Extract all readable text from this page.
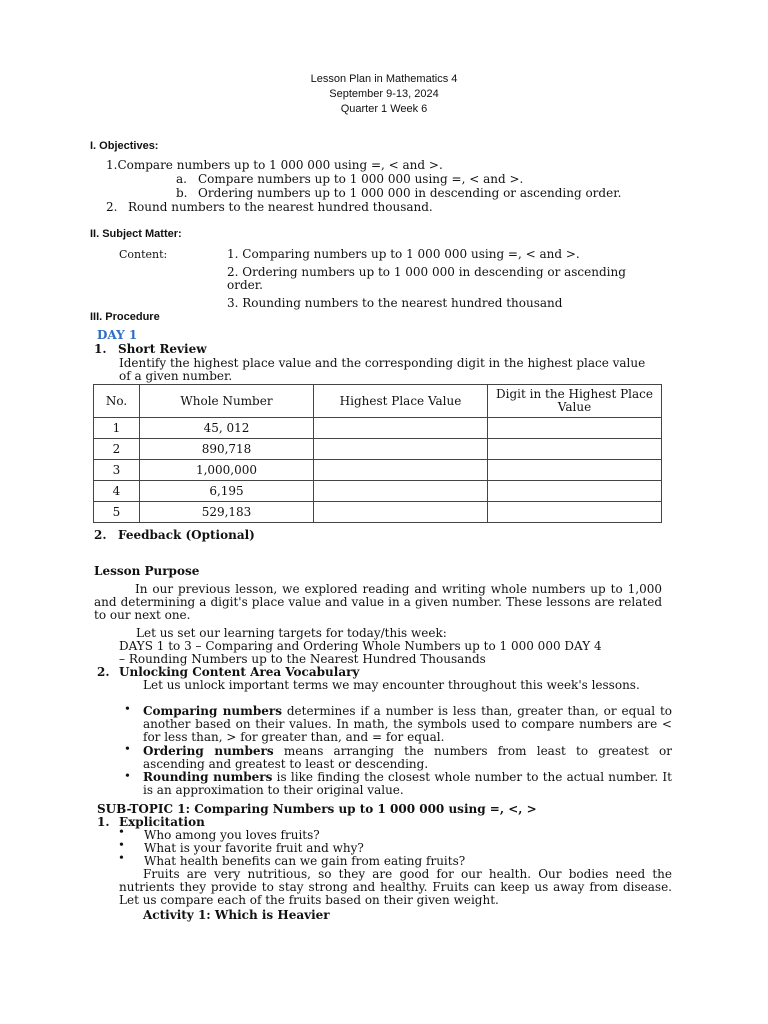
Lesson Plan in Mathematics 4
September 9-13, 2024
Quarter 1 Week 6
I. Objectives:
1.Compare numbers up to 1 000 000 using =, < and >.
a. Compare numbers up to 1 000 000 using =, < and >.
b. Ordering numbers up to 1 000 000 in descending or ascending order.
2. Round numbers to the nearest hundred thousand.
II. Subject Matter:
Content:	1. Comparing numbers up to 1 000 000 using =, < and >.
2. Ordering numbers up to 1 000 000 in descending or ascending
order.
3. Rounding numbers to the nearest hundred thousand
III. Procedure
DAY 1
1. Short Review
Identify the highest place value and the corresponding digit in the highest place value
of a given number.
No.	Whole Number	Highest Place Value	Digit in the Highest Place Value
1	45, 012		
2	890,718		
3	1,000,000		
4	6,195		
5	529,183		
2. Feedback (Optional)
Lesson Purpose
In our previous lesson, we explored reading and writing whole numbers up to 1,000 and determining a digit's place value and value in a given number. These lessons are related to our next one.
Let us set our learning targets for today/this week:
DAYS 1 to 3 – Comparing and Ordering Whole Numbers up to 1 000 000 DAY 4
– Rounding Numbers up to the Nearest Hundred Thousands
2. Unlocking Content Area Vocabulary
Let us unlock important terms we may encounter throughout this week's lessons.
• Comparing numbers determines if a number is less than, greater than, or equal to another based on their values. In math, the symbols used to compare numbers are < for less than, > for greater than, and = for equal.
• Ordering numbers means arranging the numbers from least to greatest or ascending and greatest to least or descending.
• Rounding numbers is like finding the closest whole number to the actual number. It is an approximation to their original value.
SUB-TOPIC 1: Comparing Numbers up to 1 000 000 using =, <, >
1. Explicitation
• Who among you loves fruits?
• What is your favorite fruit and why?
• What health benefits can we gain from eating fruits?
Fruits are very nutritious, so they are good for our health. Our bodies need the nutrients they provide to stay strong and healthy. Fruits can keep us away from disease. Let us compare each of the fruits based on their given weight.
Activity 1: Which is Heavier
